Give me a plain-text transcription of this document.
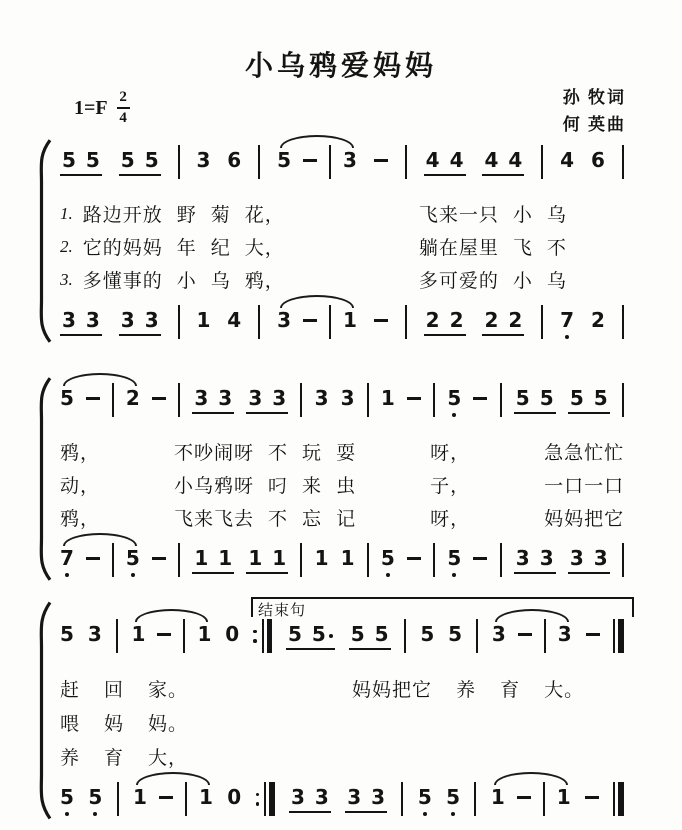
小乌鸦爱妈妈
$1=F \frac{2}{4}$	孙 牧词
何 英曲
5 5 5 5 3 6 5	3	4 4 4 4 4 6
1. 路边开放 野 菊 花，	飞来一只 小 乌
2. 它的妈妈 年 纪 大，	躺在屋里 飞 不
3. 多懂事的 小 乌 鸦，	多可爱的 小 乌
3 3 3 3 1 4 3	1	2 2 2 2 7 2
5	2	3 3 3 3 3 3 1	5	5 5 5 5
鸦，	不吵闹呀 不 玩 耍	呀，	急急忙忙
动，	小乌鸦呀 叼 来 虫	子，	一口一口
鸦，	飞来飞去 不 忘 记	呀，	妈妈把它
7	5	1 1 1 1 1 1 5	5	3 3 3 3
5 3 1	1 0 5 5 5 5 5 5 3	3
赶 回 家。	妈妈把它 养 育 大。
喂 妈 妈。
养 育 大，
5 5 1	1 0 3 3 3 3 5 5 1	1
结束句
